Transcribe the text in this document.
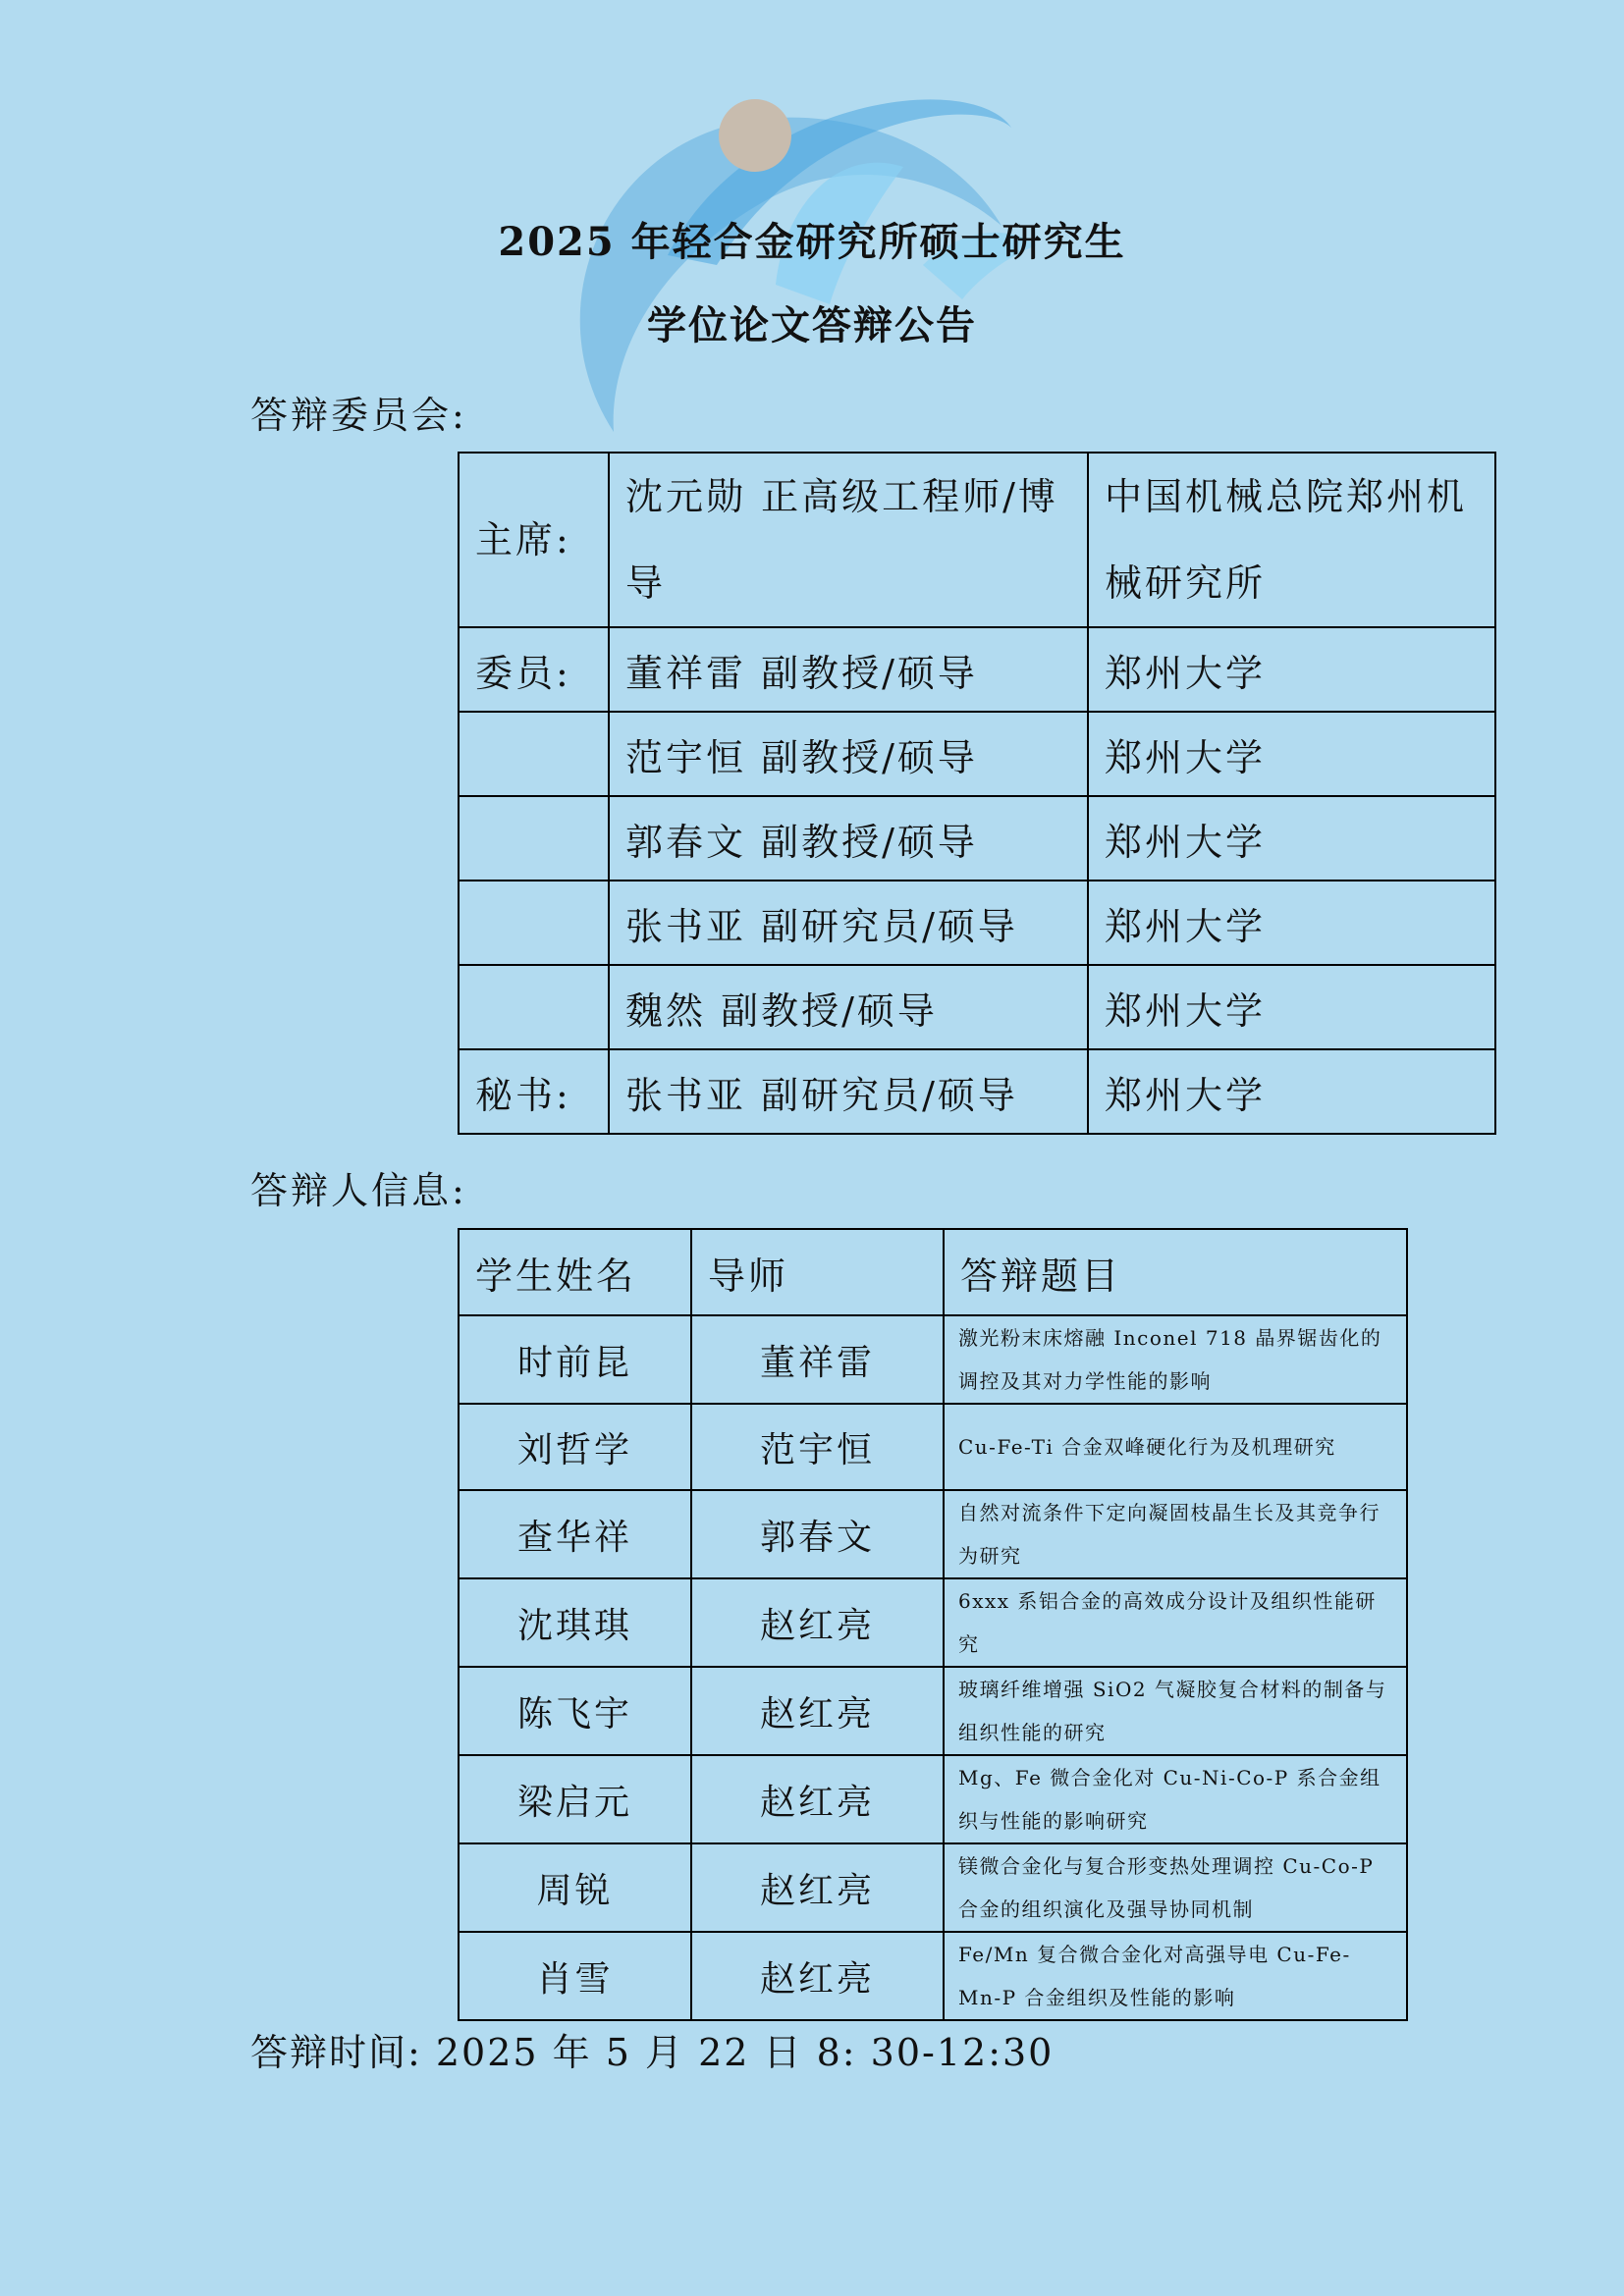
2025 年轻合金研究所硕士研究生
学位论文答辩公告
答辩委员会:
主席:	沈元勋 正高级工程师/博导	中国机械总院郑州机械研究所
委员:	董祥雷 副教授/硕导	郑州大学
	范宇恒 副教授/硕导	郑州大学
	郭春文 副教授/硕导	郑州大学
	张书亚 副研究员/硕导	郑州大学
	魏然 副教授/硕导	郑州大学
秘书:	张书亚 副研究员/硕导	郑州大学
答辩人信息:
学生姓名	导师	答辩题目
时前昆	董祥雷	激光粉末床熔融 Inconel 718 晶界锯齿化的调控及其对力学性能的影响
刘哲学	范宇恒	Cu-Fe-Ti 合金双峰硬化行为及机理研究
查华祥	郭春文	自然对流条件下定向凝固枝晶生长及其竞争行为研究
沈琪琪	赵红亮	6xxx 系铝合金的高效成分设计及组织性能研究
陈飞宇	赵红亮	玻璃纤维增强 SiO2 气凝胶复合材料的制备与组织性能的研究
梁启元	赵红亮	Mg、Fe 微合金化对 Cu-Ni-Co-P 系合金组织与性能的影响研究
周锐	赵红亮	镁微合金化与复合形变热处理调控 Cu-Co-P 合金的组织演化及强导协同机制
肖雪	赵红亮	Fe/Mn 复合微合金化对高强导电 Cu-Fe-Mn-P 合金组织及性能的影响
答辩时间: 2025 年 5 月 22 日 8: 30-12:30
